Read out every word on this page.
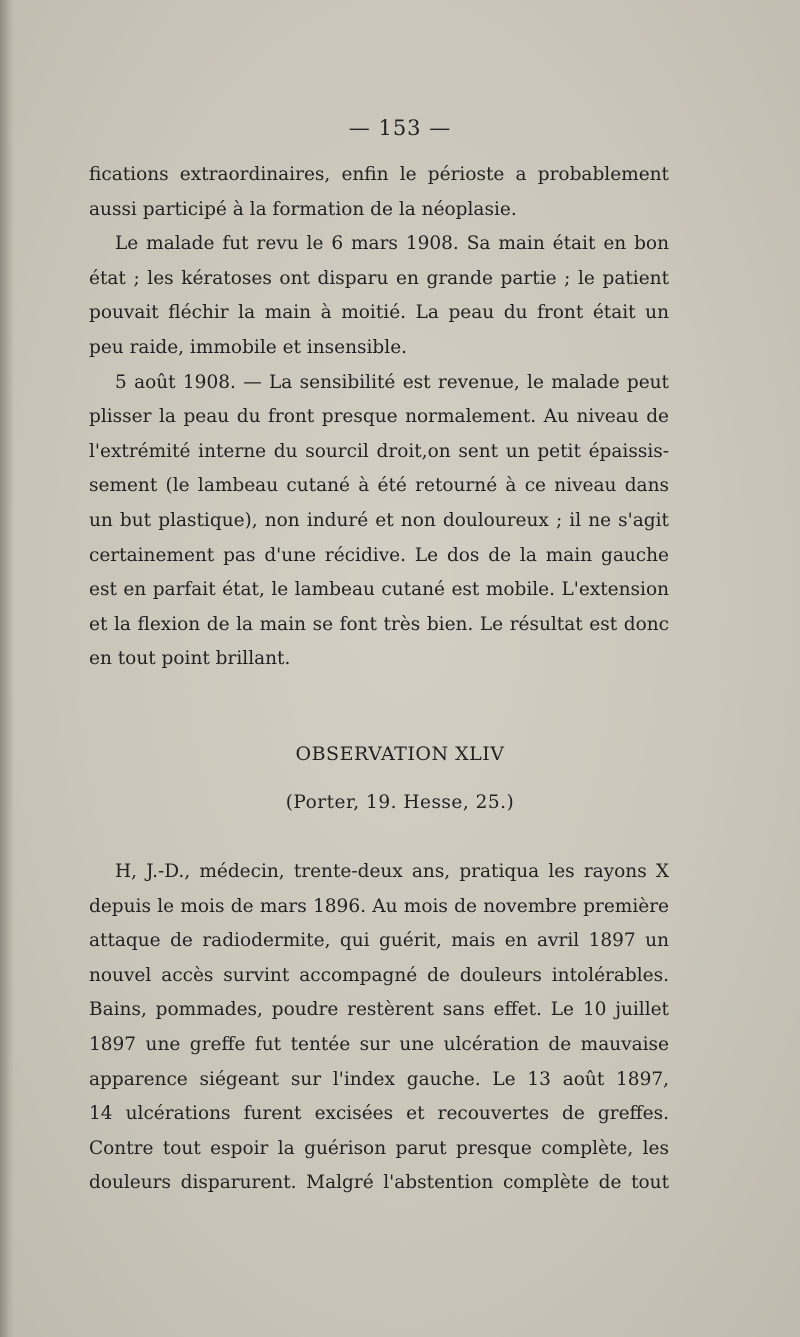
— 153 —
fications extraordinaires, enfin le périoste a probablement
aussi participé à la formation de la néoplasie.
Le malade fut revu le 6 mars 1908. Sa main était en bon
état ; les kératoses ont disparu en grande partie ; le patient
pouvait fléchir la main à moitié. La peau du front était un
peu raide, immobile et insensible.
5 août 1908. — La sensibilité est revenue, le malade peut
plisser la peau du front presque normalement. Au niveau de
l'extrémité interne du sourcil droit,on sent un petit épaissis-
sement (le lambeau cutané à été retourné à ce niveau dans
un but plastique), non induré et non douloureux ; il ne s'agit
certainement pas d'une récidive. Le dos de la main gauche
est en parfait état, le lambeau cutané est mobile. L'extension
et la flexion de la main se font très bien. Le résultat est donc
en tout point brillant.
OBSERVATION XLIV
(Porter, 19. Hesse, 25.)
H, J.-D., médecin, trente-deux ans, pratiqua les rayons X
depuis le mois de mars 1896. Au mois de novembre première
attaque de radiodermite, qui guérit, mais en avril 1897 un
nouvel accès survint accompagné de douleurs intolérables.
Bains, pommades, poudre restèrent sans effet. Le 10 juillet
1897 une greffe fut tentée sur une ulcération de mauvaise
apparence siégeant sur l'index gauche. Le 13 août 1897,
14 ulcérations furent excisées et recouvertes de greffes.
Contre tout espoir la guérison parut presque complète, les
douleurs disparurent. Malgré l'abstention complète de tout
